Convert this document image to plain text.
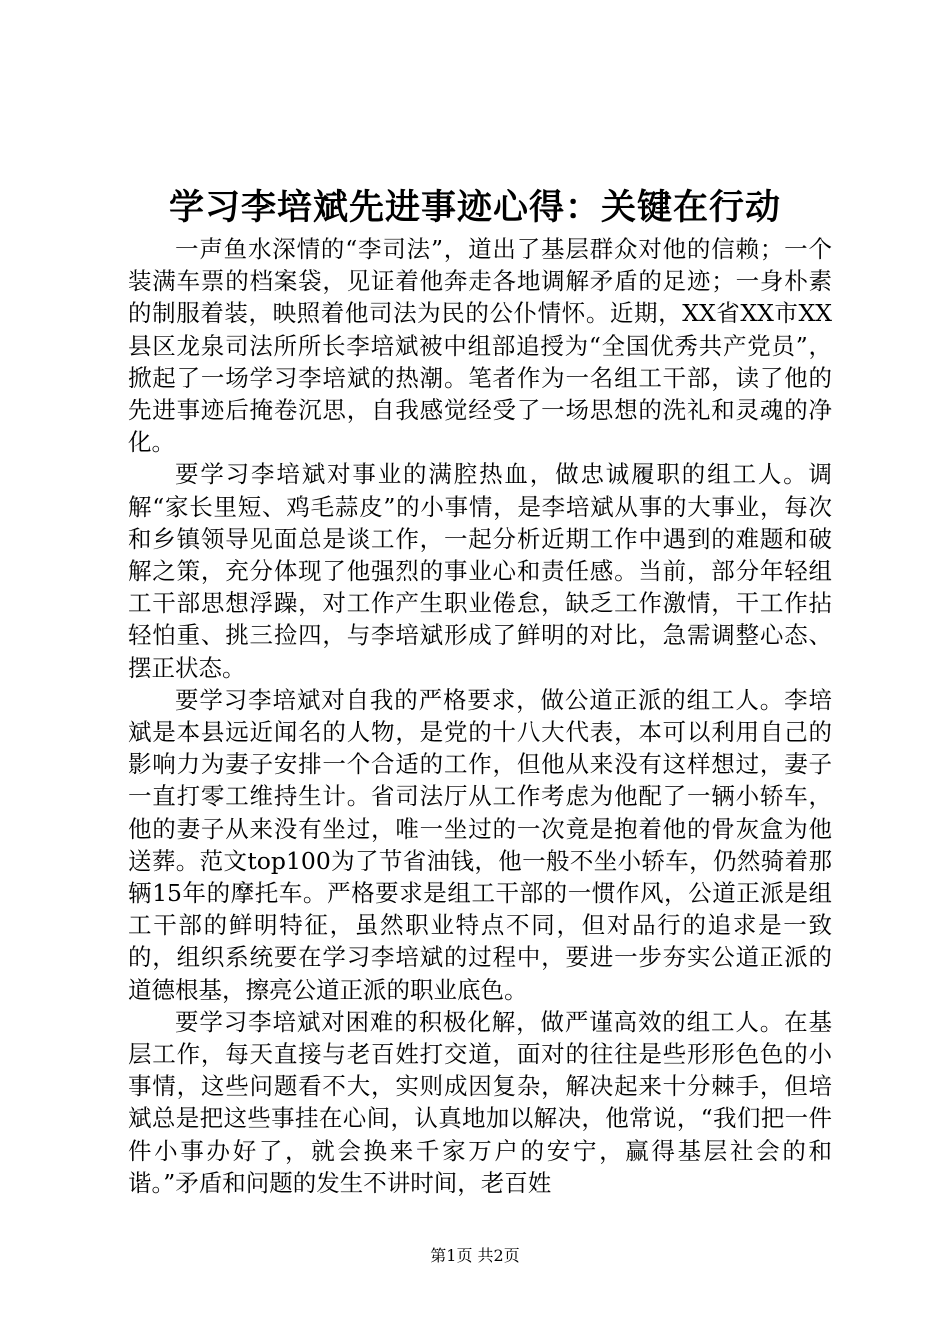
学习李培斌先进事迹心得：关键在行动

一声鱼水深情的“李司法”，道出了基层群众对他的信赖；一个装满车票的档案袋，见证着他奔走各地调解矛盾的足迹；一身朴素的制服着装，映照着他司法为民的公仆情怀。近期，XX省XX市XX县区龙泉司法所所长李培斌被中组部追授为“全国优秀共产党员”，掀起了一场学习李培斌的热潮。笔者作为一名组工干部，读了他的先进事迹后掩卷沉思，自我感觉经受了一场思想的洗礼和灵魂的净化。

要学习李培斌对事业的满腔热血，做忠诚履职的组工人。调解“家长里短、鸡毛蒜皮”的小事情，是李培斌从事的大事业，每次和乡镇领导见面总是谈工作，一起分析近期工作中遇到的难题和破解之策，充分体现了他强烈的事业心和责任感。当前，部分年轻组工干部思想浮躁，对工作产生职业倦怠，缺乏工作激情，干工作拈轻怕重、挑三捡四，与李培斌形成了鲜明的对比，急需调整心态、摆正状态。

要学习李培斌对自我的严格要求，做公道正派的组工人。李培斌是本县远近闻名的人物，是党的十八大代表，本可以利用自己的影响力为妻子安排一个合适的工作，但他从来没有这样想过，妻子一直打零工维持生计。省司法厅从工作考虑为他配了一辆小轿车，他的妻子从来没有坐过，唯一坐过的一次竟是抱着他的骨灰盒为他送葬。范文top100为了节省油钱，他一般不坐小轿车，仍然骑着那辆15年的摩托车。严格要求是组工干部的一惯作风，公道正派是组工干部的鲜明特征，虽然职业特点不同，但对品行的追求是一致的，组织系统要在学习李培斌的过程中，要进一步夯实公道正派的道德根基，擦亮公道正派的职业底色。

要学习李培斌对困难的积极化解，做严谨高效的组工人。在基层工作，每天直接与老百姓打交道，面对的往往是些形形色色的小事情，这些问题看不大，实则成因复杂，解决起来十分棘手，但培斌总是把这些事挂在心间，认真地加以解决，他常说，“我们把一件件小事办好了，就会换来千家万户的安宁，赢得基层社会的和谐。”矛盾和问题的发生不讲时间，老百姓

第1页 共2页
